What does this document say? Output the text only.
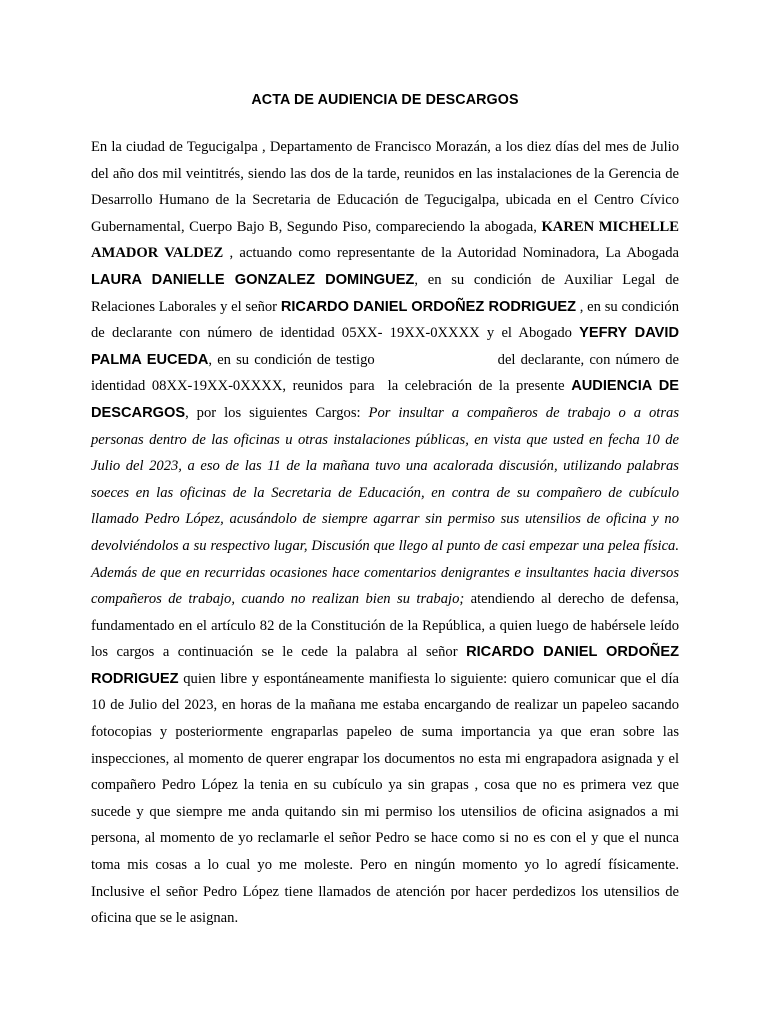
ACTA DE AUDIENCIA DE DESCARGOS

En la ciudad de Tegucigalpa , Departamento de Francisco Morazán, a los diez días del mes de Julio del año dos mil veintitrés, siendo las dos de la tarde, reunidos en las instalaciones de la Gerencia de Desarrollo Humano de la Secretaria de Educación de Tegucigalpa, ubicada en el Centro Cívico Gubernamental, Cuerpo Bajo B, Segundo Piso, compareciendo la abogada, KAREN MICHELLE AMADOR VALDEZ , actuando como representante de la Autoridad Nominadora, La Abogada LAURA DANIELLE GONZALEZ DOMINGUEZ, en su condición de Auxiliar Legal de Relaciones Laborales y el señor RICARDO DANIEL ORDOÑEZ RODRIGUEZ , en su condición de declarante con número de identidad 05XX- 19XX-0XXXX y el Abogado YEFRY DAVID PALMA EUCEDA, en su condición de testigo                        del declarante, con número de identidad 08XX-19XX-0XXXX, reunidos para  la celebración de la presente AUDIENCIA DE DESCARGOS, por los siguientes Cargos: Por insultar a compañeros de trabajo o a otras personas dentro de las oficinas u otras instalaciones públicas, en vista que usted en fecha 10 de Julio del 2023, a eso de las 11 de la mañana tuvo una acalorada discusión, utilizando palabras soeces en las oficinas de la Secretaria de Educación, en contra de su compañero de cubículo llamado Pedro López, acusándolo de siempre agarrar sin permiso sus utensilios de oficina y no devolviéndolos a su respectivo lugar, Discusión que llego al punto de casi empezar una pelea física. Además de que en recurridas ocasiones hace comentarios denigrantes e insultantes hacia diversos compañeros de trabajo, cuando no realizan bien su trabajo; atendiendo al derecho de defensa, fundamentado en el artículo 82 de la Constitución de la República, a quien luego de habérsele leído los cargos a continuación se le cede la palabra al señor RICARDO DANIEL ORDOÑEZ RODRIGUEZ quien libre y espontáneamente manifiesta lo siguiente: quiero comunicar que el día 10 de Julio del 2023, en horas de la mañana me estaba encargando de realizar un papeleo sacando fotocopias y posteriormente engraparlas papeleo de suma importancia ya que eran sobre las inspecciones, al momento de querer engrapar los documentos no esta mi engrapadora asignada y el compañero Pedro López la tenia en su cubículo ya sin grapas , cosa que no es primera vez que sucede y que siempre me anda quitando sin mi permiso los utensilios de oficina asignados a mi persona, al momento de yo reclamarle el señor Pedro se hace como si no es con el y que el nunca toma mis cosas a lo cual yo me moleste. Pero en ningún momento yo lo agredí físicamente. Inclusive el señor Pedro López tiene llamados de atención por hacer perdedizos los utensilios de oficina que se le asignan.
